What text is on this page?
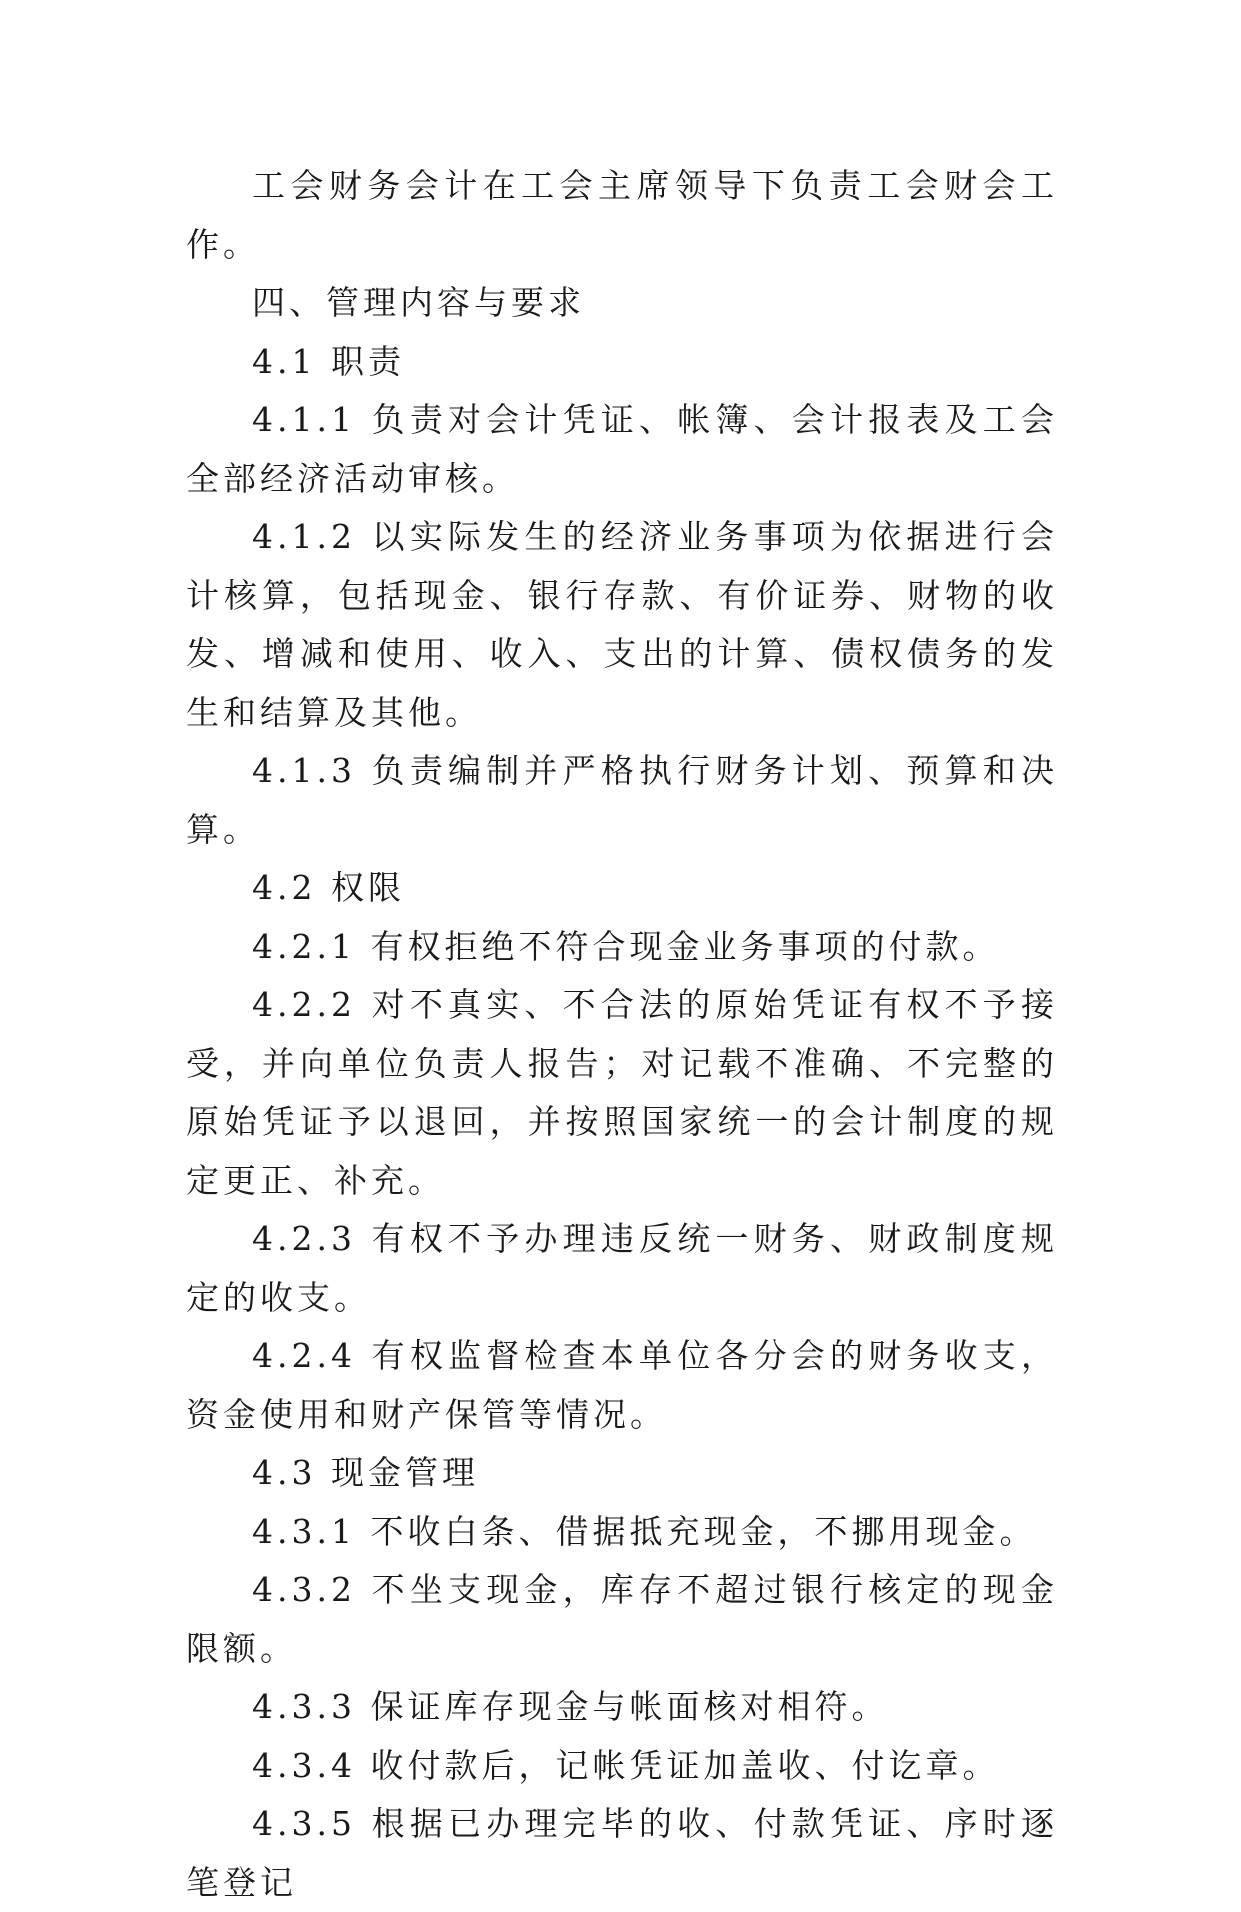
工会财务会计在工会主席领导下负责工会财会工作。

四、管理内容与要求

4.1 职责

4.1.1 负责对会计凭证、帐簿、会计报表及工会全部经济活动审核。

4.1.2 以实际发生的经济业务事项为依据进行会计核算，包括现金、银行存款、有价证券、财物的收发、增减和使用、收入、支出的计算、债权债务的发生和结算及其他。

4.1.3 负责编制并严格执行财务计划、预算和决算。

4.2 权限

4.2.1 有权拒绝不符合现金业务事项的付款。

4.2.2 对不真实、不合法的原始凭证有权不予接受，并向单位负责人报告；对记载不准确、不完整的原始凭证予以退回，并按照国家统一的会计制度的规定更正、补充。

4.2.3 有权不予办理违反统一财务、财政制度规定的收支。

4.2.4 有权监督检查本单位各分会的财务收支，资金使用和财产保管等情况。

4.3 现金管理

4.3.1 不收白条、借据抵充现金，不挪用现金。

4.3.2 不坐支现金，库存不超过银行核定的现金限额。

4.3.3 保证库存现金与帐面核对相符。

4.3.4 收付款后，记帐凭证加盖收、付讫章。

4.3.5 根据已办理完毕的收、付款凭证、序时逐笔登记
